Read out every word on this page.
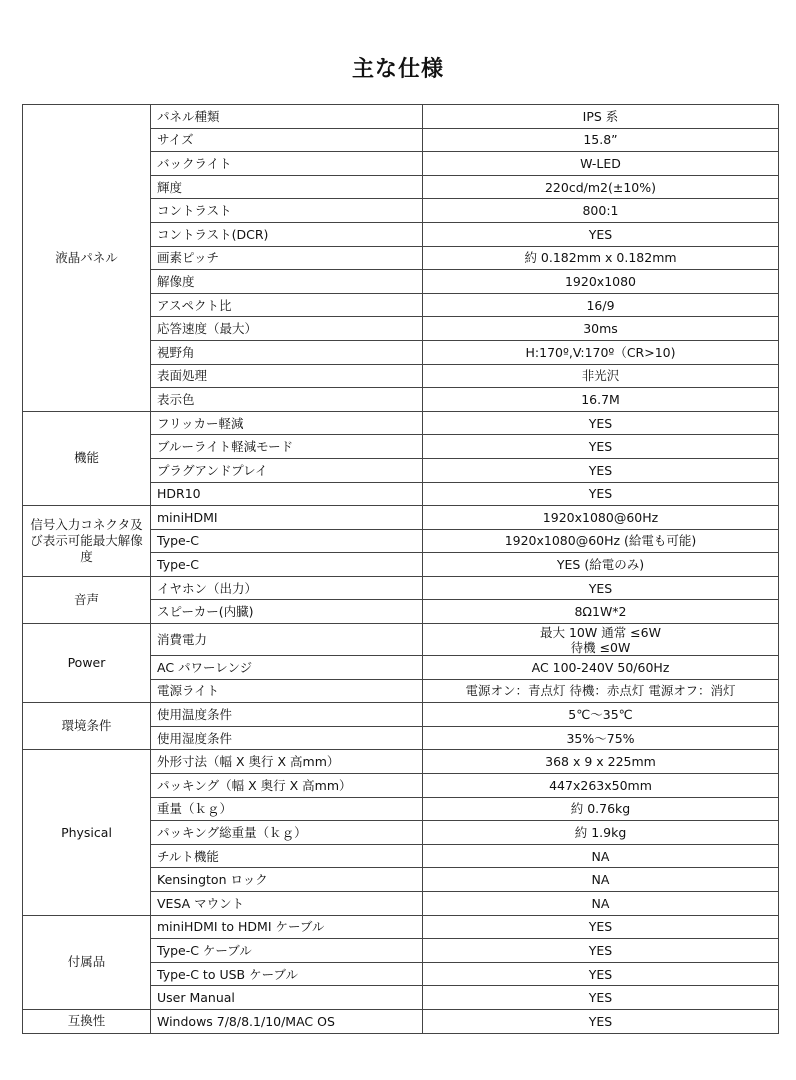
主な仕様
液晶パネル	パネル種類	IPS 系
	サイズ	15.8”
	バックライト	W-LED
	輝度	220cd/m2(±10%)
	コントラスト	800:1
	コントラスト(DCR)	YES
	画素ピッチ	約 0.182mm x 0.182mm
	解像度	1920x1080
	アスペクト比	16/9
	応答速度（最大）	30ms
	視野角	H:170º,V:170º（CR>10)
	表面処理	非光沢
	表示色	16.7M
機能	フリッカー軽減	YES
	ブルーライト軽減モード	YES
	プラグアンドプレイ	YES
	HDR10	YES
信号入力コネクタ及び表示可能最大解像度	miniHDMI	1920x1080@60Hz
	Type-C	1920x1080@60Hz (給電も可能)
	Type-C	YES (給電のみ)
音声	イヤホン（出力）	YES
	スピーカー(内臓)	8Ω1W*2
Power	消費電力	最大 10W 通常 ≤6W
待機 ≤0W

	AC パワーレンジ	AC 100-240V 50/60Hz
	電源ライト	電源オン：青点灯 待機：赤点灯 電源オフ：消灯
環境条件	使用温度条件	5℃～35℃
	使用湿度条件	35%～75%
Physical	外形寸法（幅 X 奥行 X 高mm）	368 x 9 x 225mm
	パッキング（幅 X 奥行 X 高mm）	447x263x50mm
	重量（ｋｇ）	約 0.76kg
	パッキング総重量（ｋｇ）	約 1.9kg
	チルト機能	NA
	Kensington ロック	NA
	VESA マウント	NA
付属品	miniHDMI to HDMI ケーブル	YES
	Type-C ケーブル	YES
	Type-C to USB ケーブル	YES
	User Manual	YES
互換性	Windows 7/8/8.1/10/MAC OS	YES
